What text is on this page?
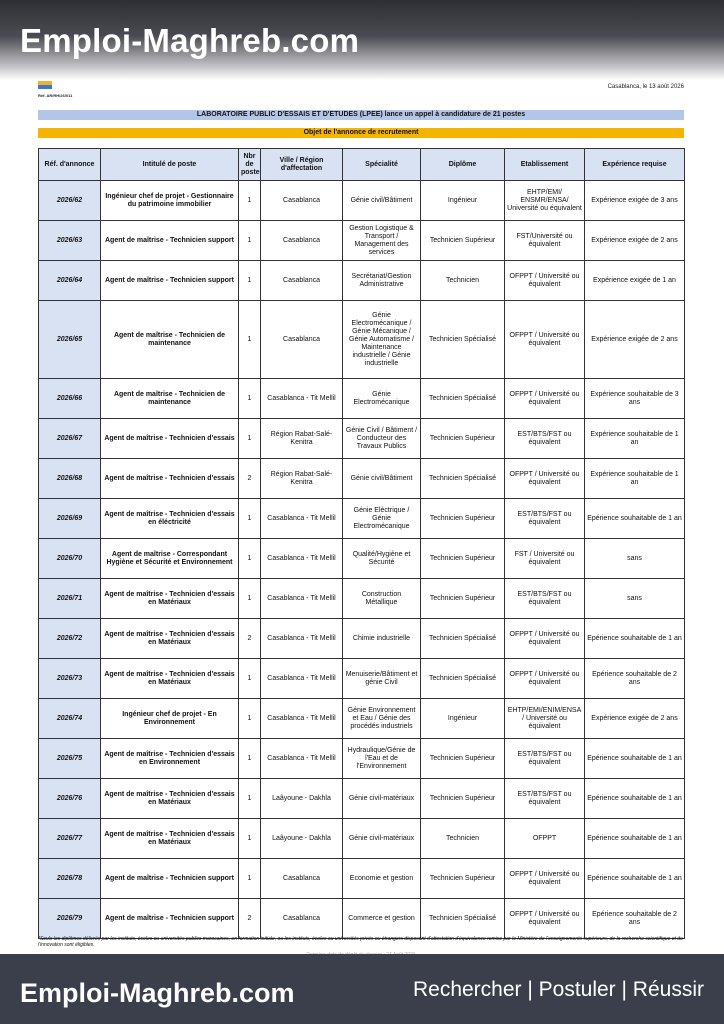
Emploi-Maghreb.com
Réf. AR/RH/26/011
Casablanca, le 13 août 2026
LABORATOIRE PUBLIC D'ESSAIS ET D'ETUDES (LPEE) lance un appel à candidature de 21 postes
Objet de l'annonce de recrutement
Réf. d'annonce	Intitulé de poste	Nbr de poste	Ville / Région d'affectation	Spécialité	Diplôme	Etablissement	Expérience requise
2026/62	Ingénieur chef de projet - Gestionnaire du patrimoine immobilier	1	Casablanca	Génie civil/Bâtiment	Ingénieur	EHTP/EMI/ ENSMR/ENSA/ Université ou équivalent	Expérience exigée de 3 ans
2026/63	Agent de maîtrise - Technicien support	1	Casablanca	Gestion Logistique & Transport / Management des services	Technicien Supérieur	FST/Université ou équivalent	Expérience exigée de 2 ans
2026/64	Agent de maîtrise - Technicien support	1	Casablanca	Secrétariat/Gestion Administrative	Technicien	OFPPT / Université ou équivalent	Expérience exigée de 1 an
2026/65	Agent de maîtrise - Technicien de maintenance	1	Casablanca	Génie Electromécanique / Génie Mécanique / Génie Automatisme / Maintenance industrielle / Génie industrielle	Technicien Spécialisé	OFPPT / Université ou équivalent	Expérience exigée de 2 ans
2026/66	Agent de maîtrise - Technicien de maintenance	1	Casablanca - Tit Mellil	Génie Electromécanique	Technicien Spécialisé	OFPPT / Université ou équivalent	Expérience souhaitable de 3 ans
2026/67	Agent de maîtrise - Technicien d'essais	1	Région Rabat-Salé-Kenitra	Génie Civil / Bâtiment / Conducteur des Travaux Publics	Technicien Supérieur	EST/BTS/FST ou équivalent	Expérience souhaitable de 1 an
2026/68	Agent de maîtrise - Technicien d'essais	2	Région Rabat-Salé-Kenitra	Génie civil/Bâtiment	Technicien Spécialisé	OFPPT / Université ou équivalent	Expérience souhaitable de 1 an
2026/69	Agent de maîtrise - Technicien d'essais en éléctricité	1	Casablanca - Tit Mellil	Génie Eléctrique / Génie Electromécanique	Technicien Supérieur	EST/BTS/FST ou équivalent	Epérience souhaitable de 1 an
2026/70	Agent de maîtrise - Correspondant Hygiène et Sécurité et Environnement	1	Casablanca - Tit Mellil	Qualité/Hygiène et Sécurité	Technicien Supérieur	FST / Université ou équivalent	sans
2026/71	Agent de maîtrise - Technicien d'essais en Matériaux	1	Casablanca - Tit Mellil	Construction Métallique	Technicien Supérieur	EST/BTS/FST ou équivalent	sans
2026/72	Agent de maîtrise - Technicien d'essais en Matériaux	2	Casablanca - Tit Mellil	Chimie industrielle	Technicien Spécialisé	OFPPT / Université ou équivalent	Epérience souhaitable de 1 an
2026/73	Agent de maîtrise - Technicien d'essais en Matériaux	1	Casablanca - Tit Mellil	Menuiserie/Bâtiment et génie Civil	Technicien Spécialisé	OFPPT / Université ou équivalent	Epérience souhaitable de 2 ans
2026/74	Ingénieur chef de projet - En Environnement	1	Casablanca - Tit Mellil	Génie Environnement et Eau / Génie des procédés industriels	Ingénieur	EHTP/EMI/ENIM/ENSA / Université ou équivalent	Expérience exigée de 2 ans
2026/75	Agent de maîtrise - Technicien d'essais en Environnement	1	Casablanca - Tit Mellil	Hydraulique/Génie de l'Eau et de l'Environnement	Technicien Supérieur	EST/BTS/FST ou équivalent	Epérience souhaitable de 1 an
2026/76	Agent de maîtrise - Technicien d'essais en Matériaux	1	Laâyoune - Dakhla	Génie civil-matériaux	Technicien Supérieur	EST/BTS/FST ou équivalent	Epérience souhaitable de 1 an
2026/77	Agent de maîtrise - Technicien d'essais en Matériaux	1	Laâyoune - Dakhla	Génie civil-matériaux	Technicien	OFPPT	Epérience souhaitable de 1 an
2026/78	Agent de maîtrise - Technicien support	1	Casablanca	Economie et gestion	Technicien Supérieur	OFPPT / Université ou équivalent	Epérience souhaitable de 1 an
2026/79	Agent de maîtrise - Technicien support	2	Casablanca	Commerce et gestion	Technicien Spécialisé	OFPPT / Université ou équivalent	Epérience souhaitable de 2 ans
*Seuls les diplômes délivrés par les instituts, écoles ou universités publics marocaines, en formation initiale, ou les instituts, écoles ou universités privés ou étrangers disposant d'attestation d'équivalence remise par le Ministère de l'enseignements supérieurs, de la recherche scientifique et de l'innovation sont éligibles.
Emploi-Maghreb.com	Rechercher | Postuler | Réussir
